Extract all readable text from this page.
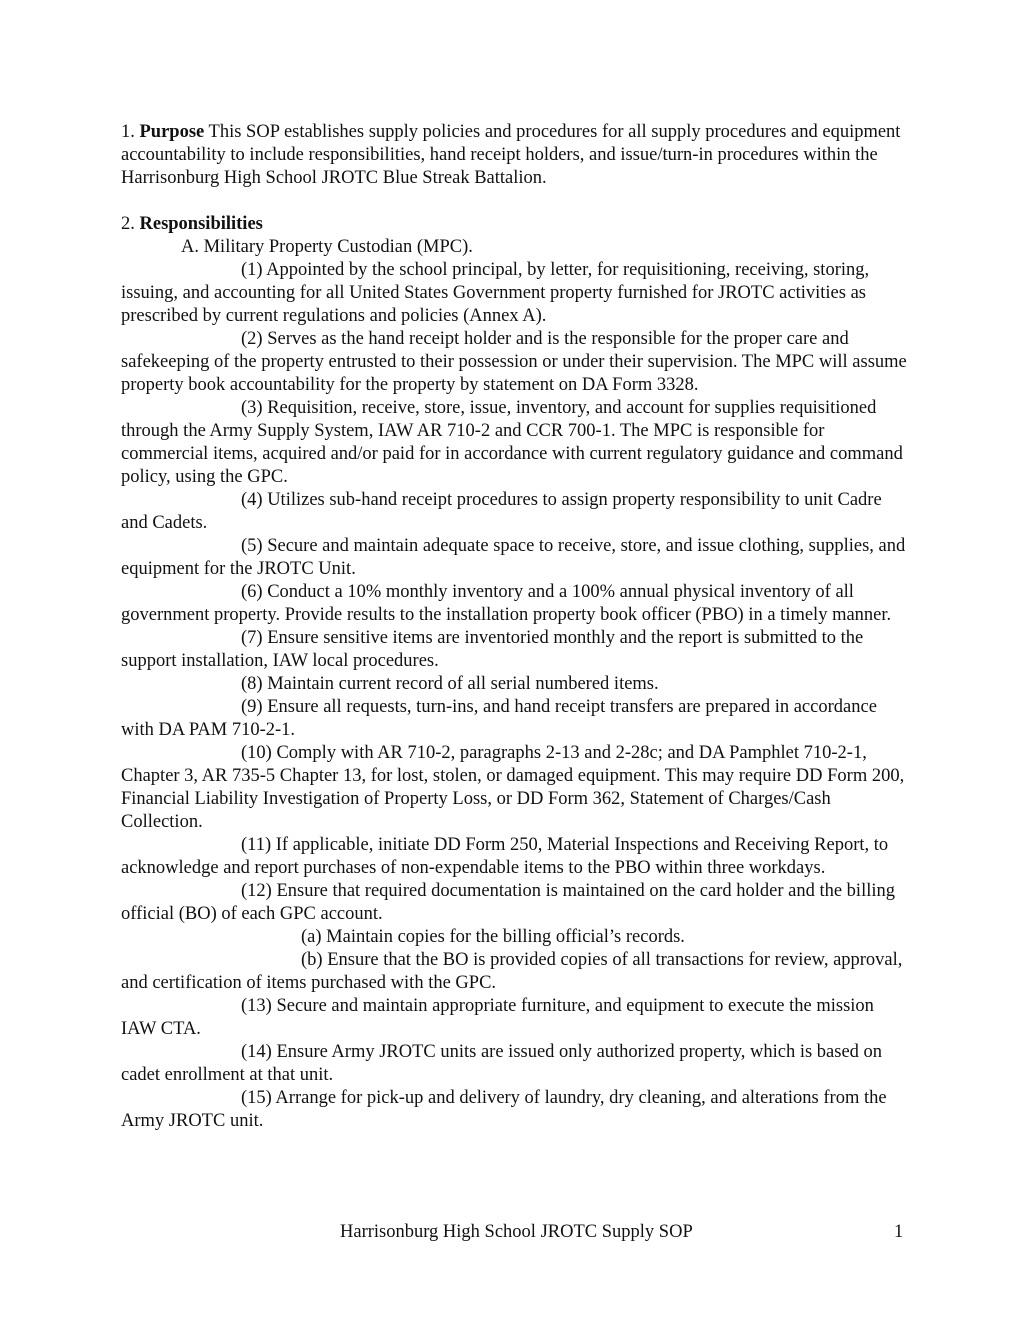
1. Purpose This SOP establishes supply policies and procedures for all supply procedures and equipment accountability to include responsibilities, hand receipt holders, and issue/turn-in procedures within the Harrisonburg High School JROTC Blue Streak Battalion.

2. Responsibilities

A. Military Property Custodian (MPC).

(1) Appointed by the school principal, by letter, for requisitioning, receiving, storing, issuing, and accounting for all United States Government property furnished for JROTC activities as prescribed by current regulations and policies (Annex A).

(2) Serves as the hand receipt holder and is the responsible for the proper care and safekeeping of the property entrusted to their possession or under their supervision. The MPC will assume property book accountability for the property by statement on DA Form 3328.

(3) Requisition, receive, store, issue, inventory, and account for supplies requisitioned through the Army Supply System, IAW AR 710-2 and CCR 700-1. The MPC is responsible for commercial items, acquired and/or paid for in accordance with current regulatory guidance and command policy, using the GPC.

(4) Utilizes sub-hand receipt procedures to assign property responsibility to unit Cadre and Cadets.

(5) Secure and maintain adequate space to receive, store, and issue clothing, supplies, and equipment for the JROTC Unit.

(6) Conduct a 10% monthly inventory and a 100% annual physical inventory of all government property. Provide results to the installation property book officer (PBO) in a timely manner.

(7) Ensure sensitive items are inventoried monthly and the report is submitted to the support installation, IAW local procedures.

(8) Maintain current record of all serial numbered items.

(9) Ensure all requests, turn-ins, and hand receipt transfers are prepared in accordance with DA PAM 710-2-1.

(10) Comply with AR 710-2, paragraphs 2-13 and 2-28c; and DA Pamphlet 710-2-1, Chapter 3, AR 735-5 Chapter 13, for lost, stolen, or damaged equipment. This may require DD Form 200, Financial Liability Investigation of Property Loss, or DD Form 362, Statement of Charges/Cash Collection.

(11) If applicable, initiate DD Form 250, Material Inspections and Receiving Report, to acknowledge and report purchases of non-expendable items to the PBO within three workdays.

(12) Ensure that required documentation is maintained on the card holder and the billing official (BO) of each GPC account.

(a) Maintain copies for the billing official’s records.

(b) Ensure that the BO is provided copies of all transactions for review, approval, and certification of items purchased with the GPC.

(13) Secure and maintain appropriate furniture, and equipment to execute the mission IAW CTA.

(14) Ensure Army JROTC units are issued only authorized property, which is based on cadet enrollment at that unit.

(15) Arrange for pick-up and delivery of laundry, dry cleaning, and alterations from the Army JROTC unit.

Harrisonburg High School JROTC Supply SOP	1
